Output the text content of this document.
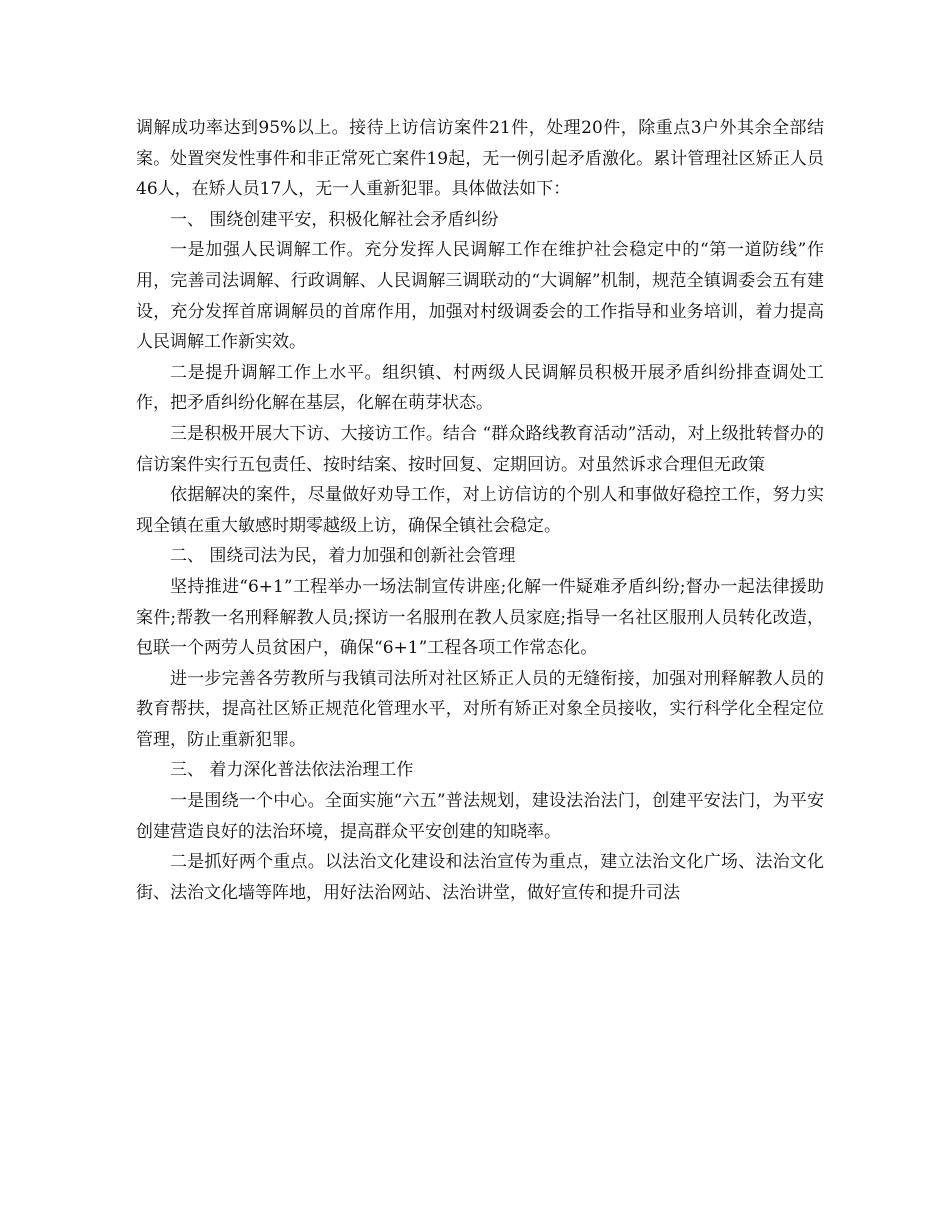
调解成功率达到95%以上。接待上访信访案件21件，处理20件，除重点3户外其余全部结案。处置突发性事件和非正常死亡案件19起，无一例引起矛盾激化。累计管理社区矫正人员46人，在矫人员17人，无一人重新犯罪。具体做法如下：

一、 围绕创建平安，积极化解社会矛盾纠纷

一是加强人民调解工作。充分发挥人民调解工作在维护社会稳定中的“第一道防线”作用，完善司法调解、行政调解、人民调解三调联动的“大调解”机制，规范全镇调委会五有建设，充分发挥首席调解员的首席作用，加强对村级调委会的工作指导和业务培训，着力提高人民调解工作新实效。

二是提升调解工作上水平。组织镇、村两级人民调解员积极开展矛盾纠纷排查调处工作，把矛盾纠纷化解在基层，化解在萌芽状态。

三是积极开展大下访、大接访工作。结合 “群众路线教育活动”活动，对上级批转督办的信访案件实行五包责任、按时结案、按时回复、定期回访。对虽然诉求合理但无政策

依据解决的案件，尽量做好劝导工作，对上访信访的个别人和事做好稳控工作，努力实现全镇在重大敏感时期零越级上访，确保全镇社会稳定。

二、 围绕司法为民，着力加强和创新社会管理

坚持推进“6+1”工程举办一场法制宣传讲座;化解一件疑难矛盾纠纷;督办一起法律援助案件;帮教一名刑释解教人员;探访一名服刑在教人员家庭;指导一名社区服刑人员转化改造，包联一个两劳人员贫困户，确保“6+1”工程各项工作常态化。

进一步完善各劳教所与我镇司法所对社区矫正人员的无缝衔接，加强对刑释解教人员的教育帮扶，提高社区矫正规范化管理水平，对所有矫正对象全员接收，实行科学化全程定位管理，防止重新犯罪。

三、 着力深化普法依法治理工作

一是围绕一个中心。全面实施“六五”普法规划，建设法治法门，创建平安法门，为平安创建营造良好的法治环境，提高群众平安创建的知晓率。

二是抓好两个重点。以法治文化建设和法治宣传为重点，建立法治文化广场、法治文化街、法治文化墙等阵地，用好法治网站、法治讲堂，做好宣传和提升司法
